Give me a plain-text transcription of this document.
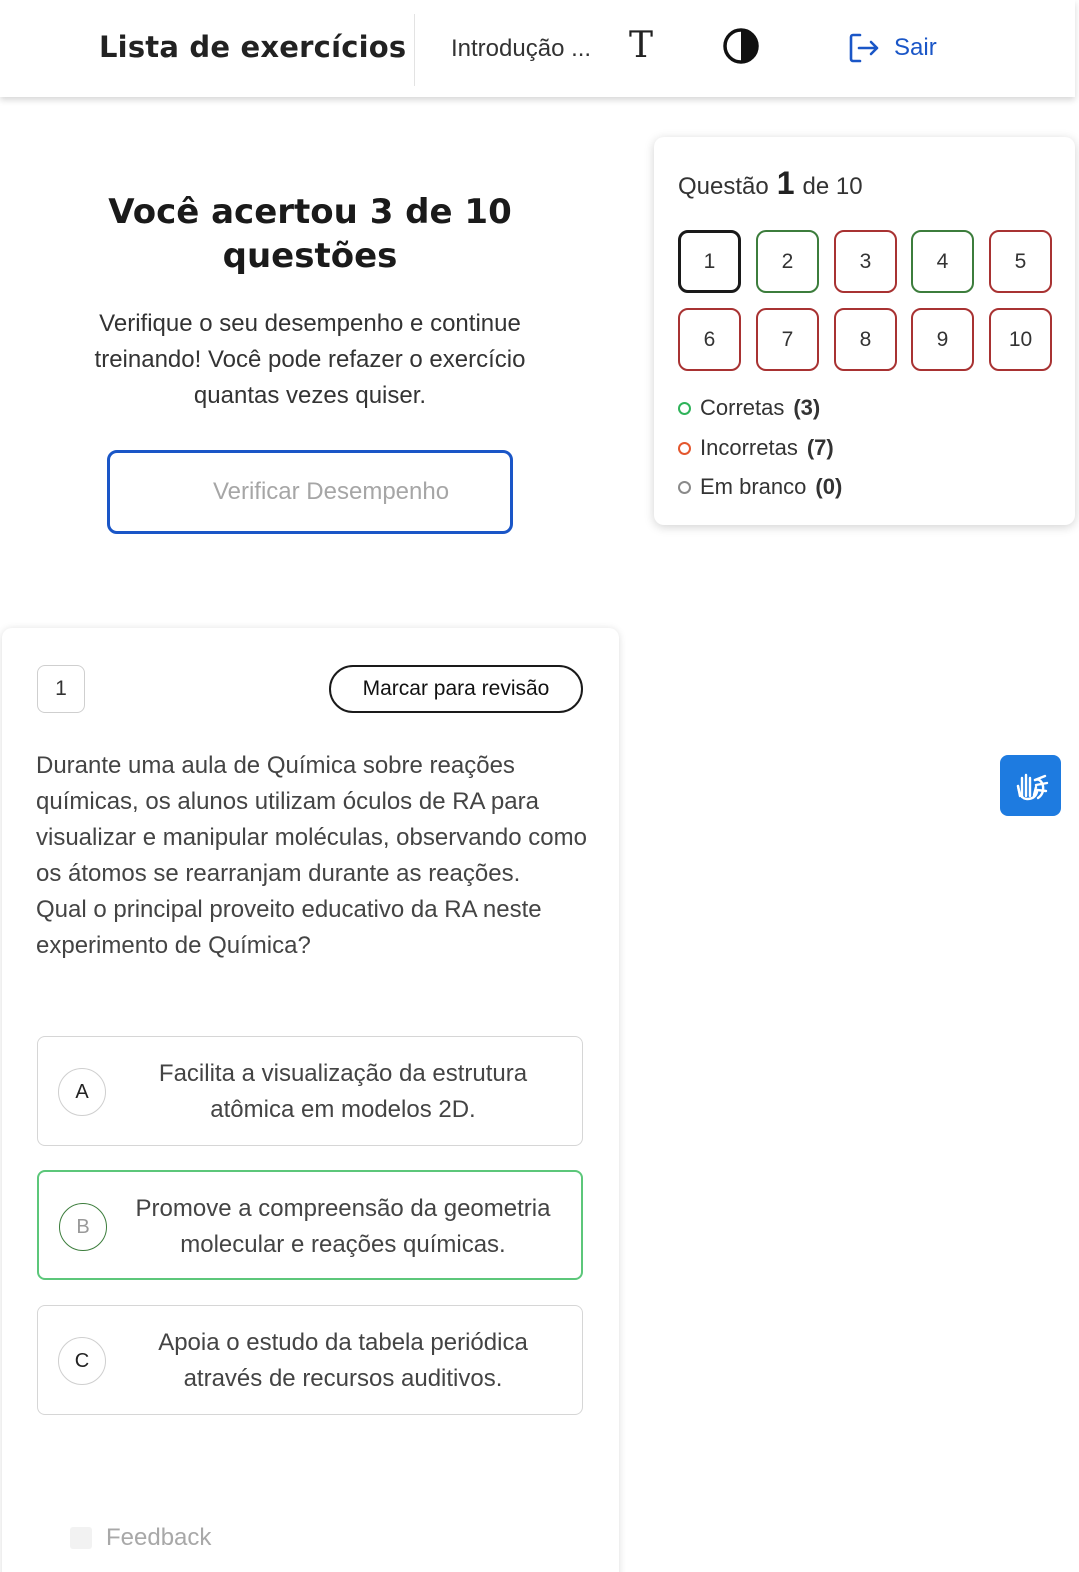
Lista de exercícios Introdução ... T	Sair
Você acertou 3 de 10 questões

Verifique o seu desempenho e continue treinando! Você pode refazer o exercício quantas vezes quiser.

Verificar Desempenho
Questão 1 de 10
1	2	3	4	5
6	7	8	9	10
Corretas (3)
Incorretas (7)
Em branco (0)
1	Marcar para revisão

Durante uma aula de Química sobre reações químicas, os alunos utilizam óculos de RA para visualizar e manipular moléculas, observando como os átomos se rearranjam durante as reações.

Qual o principal proveito educativo da RA neste experimento de Química?

A
Facilita a visualização da estrutura atômica em modelos 2D.
B
Promove a compreensão da geometria molecular e reações químicas.
C
Apoia o estudo da tabela periódica através de recursos auditivos.
Feedback
